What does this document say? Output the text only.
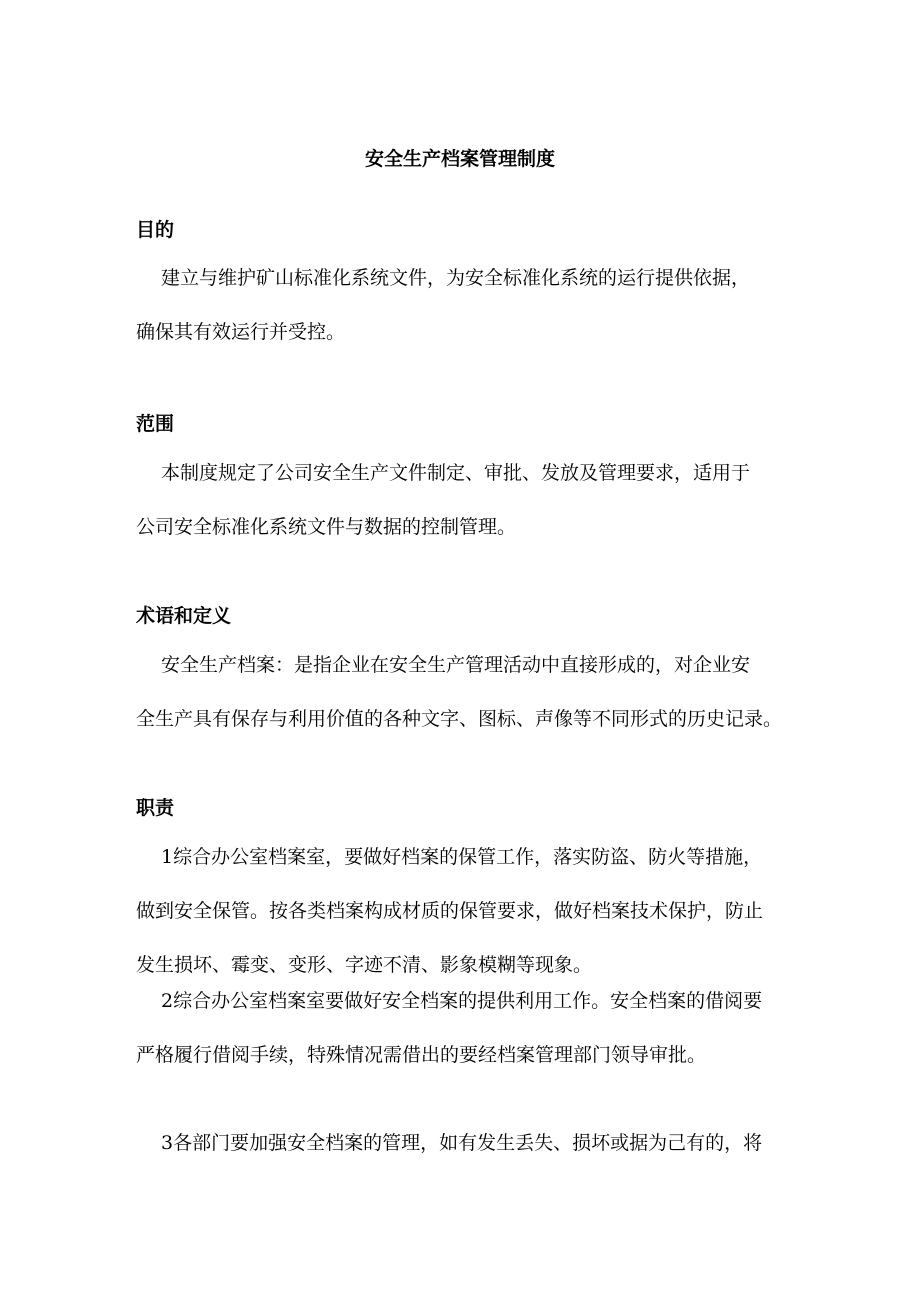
安全生产档案管理制度
目的
建立与维护矿山标准化系统文件，为安全标准化系统的运行提供依据，
确保其有效运行并受控。
范围
本制度规定了公司安全生产文件制定、审批、发放及管理要求，适用于
公司安全标准化系统文件与数据的控制管理。
术语和定义
安全生产档案：是指企业在安全生产管理活动中直接形成的，对企业安
全生产具有保存与利用价值的各种文字、图标、声像等不同形式的历史记录。
职责
1综合办公室档案室，要做好档案的保管工作，落实防盗、防火等措施，
做到安全保管。按各类档案构成材质的保管要求，做好档案技术保护，防止
发生损坏、霉变、变形、字迹不清、影象模糊等现象。
2综合办公室档案室要做好安全档案的提供利用工作。安全档案的借阅要
严格履行借阅手续，特殊情况需借出的要经档案管理部门领导审批。
3各部门要加强安全档案的管理，如有发生丢失、损坏或据为己有的，将
